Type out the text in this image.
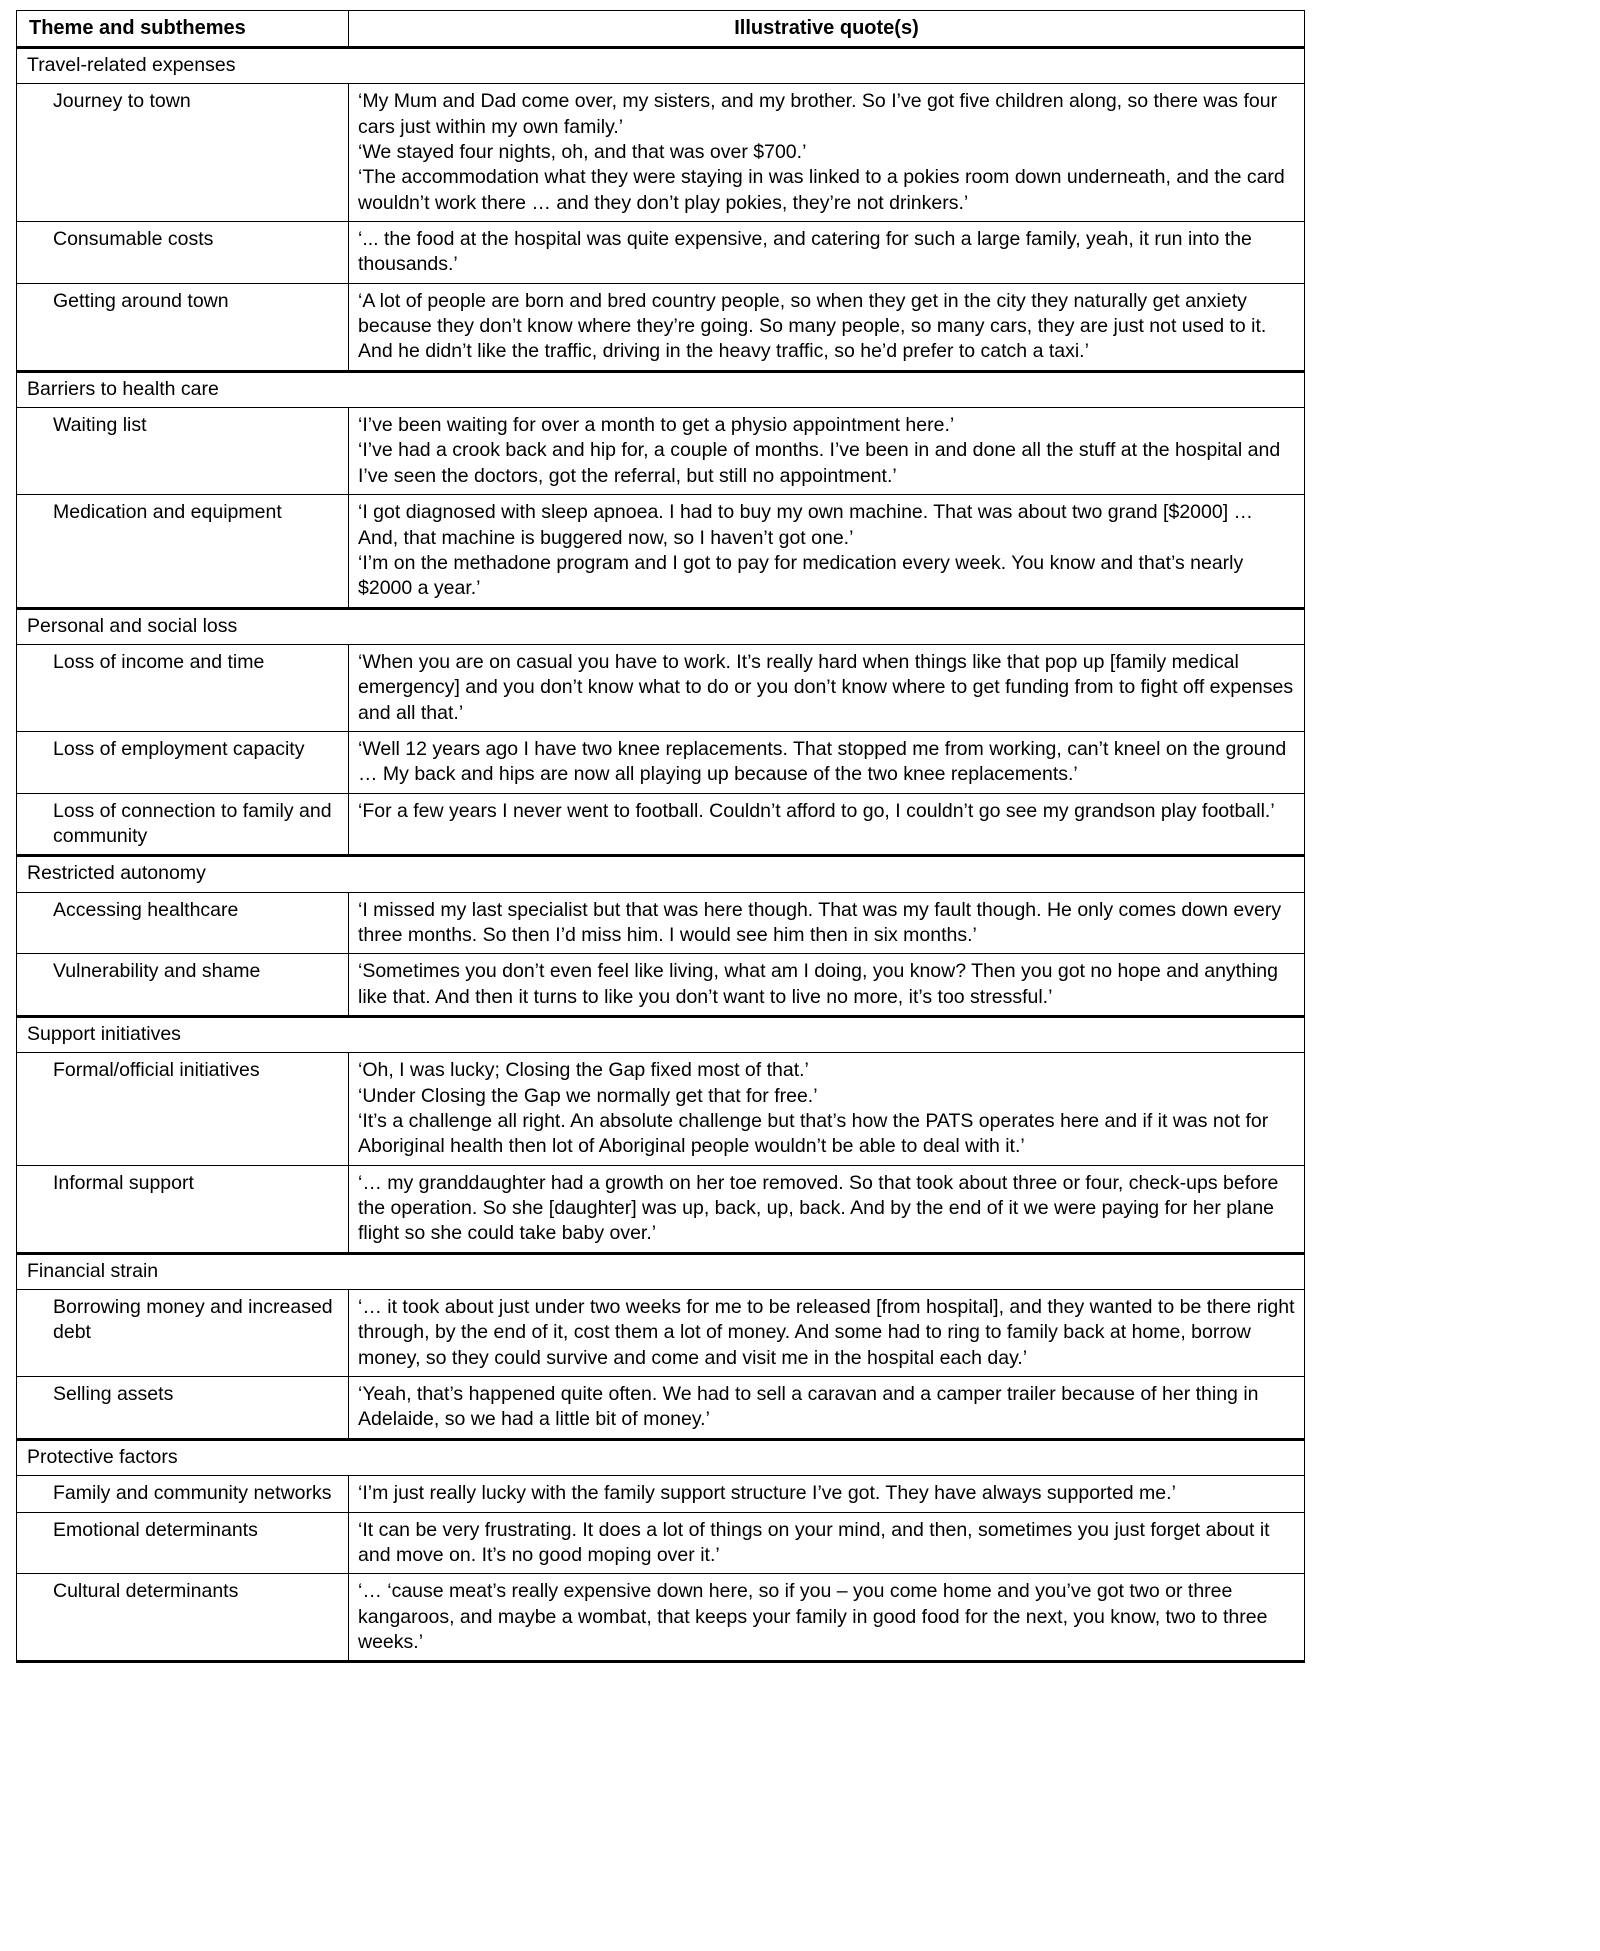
Theme and subthemes	Illustrative quote(s)
Travel-related expenses	
Journey to town	‘My Mum and Dad come over, my sisters, and my brother. So I’ve got five children along, so there was four cars just within my own family.’
‘We stayed four nights, oh, and that was over $700.’
‘The accommodation what they were staying in was linked to a pokies room down underneath, and the card wouldn’t work there … and they don’t play pokies, they’re not drinkers.’

Consumable costs	‘... the food at the hospital was quite expensive, and catering for such a large family, yeah, it run into the thousands.’

Getting around town	‘A lot of people are born and bred country people, so when they get in the city they naturally get anxiety because they don’t know where they’re going. So many people, so many cars, they are just not used to it. And he didn’t like the traffic, driving in the heavy traffic, so he’d prefer to catch a taxi.’

Barriers to health care	
Waiting list	‘I’ve been waiting for over a month to get a physio appointment here.’
‘I’ve had a crook back and hip for, a couple of months. I’ve been in and done all the stuff at the hospital and I’ve seen the doctors, got the referral, but still no appointment.’

Medication and equipment	‘I got diagnosed with sleep apnoea. I had to buy my own machine. That was about two grand [$2000] … And, that machine is buggered now, so I haven’t got one.’
‘I’m on the methadone program and I got to pay for medication every week. You know and that’s nearly $2000 a year.’

Personal and social loss	
Loss of income and time	‘When you are on casual you have to work. It’s really hard when things like that pop up [family medical emergency] and you don’t know what to do or you don’t know where to get funding from to fight off expenses and all that.’

Loss of employment capacity	‘Well 12 years ago I have two knee replacements. That stopped me from working, can’t kneel on the ground … My back and hips are now all playing up because of the two knee replacements.’

Loss of connection to family and community	‘For a few years I never went to football. Couldn’t afford to go, I couldn’t go see my grandson play football.’

Restricted autonomy	
Accessing healthcare	‘I missed my last specialist but that was here though. That was my fault though. He only comes down every three months. So then I’d miss him. I would see him then in six months.’

Vulnerability and shame	‘Sometimes you don’t even feel like living, what am I doing, you know? Then you got no hope and anything like that. And then it turns to like you don’t want to live no more, it’s too stressful.’

Support initiatives	
Formal/official initiatives	‘Oh, I was lucky; Closing the Gap fixed most of that.’
‘Under Closing the Gap we normally get that for free.’
‘It’s a challenge all right. An absolute challenge but that’s how the PATS operates here and if it was not for Aboriginal health then lot of Aboriginal people wouldn’t be able to deal with it.’

Informal support	‘… my granddaughter had a growth on her toe removed. So that took about three or four, check-ups before the operation. So she [daughter] was up, back, up, back. And by the end of it we were paying for her plane flight so she could take baby over.’

Financial strain	
Borrowing money and increased debt	‘… it took about just under two weeks for me to be released [from hospital], and they wanted to be there right through, by the end of it, cost them a lot of money. And some had to ring to family back at home, borrow money, so they could survive and come and visit me in the hospital each day.’

Selling assets	‘Yeah, that’s happened quite often. We had to sell a caravan and a camper trailer because of her thing in Adelaide, so we had a little bit of money.’

Protective factors	
Family and community networks	‘I’m just really lucky with the family support structure I’ve got. They have always supported me.’

Emotional determinants	‘It can be very frustrating. It does a lot of things on your mind, and then, sometimes you just forget about it and move on. It’s no good moping over it.’

Cultural determinants	‘… ‘cause meat’s really expensive down here, so if you – you come home and you’ve got two or three kangaroos, and maybe a wombat, that keeps your family in good food for the next, you know, two to three weeks.’
